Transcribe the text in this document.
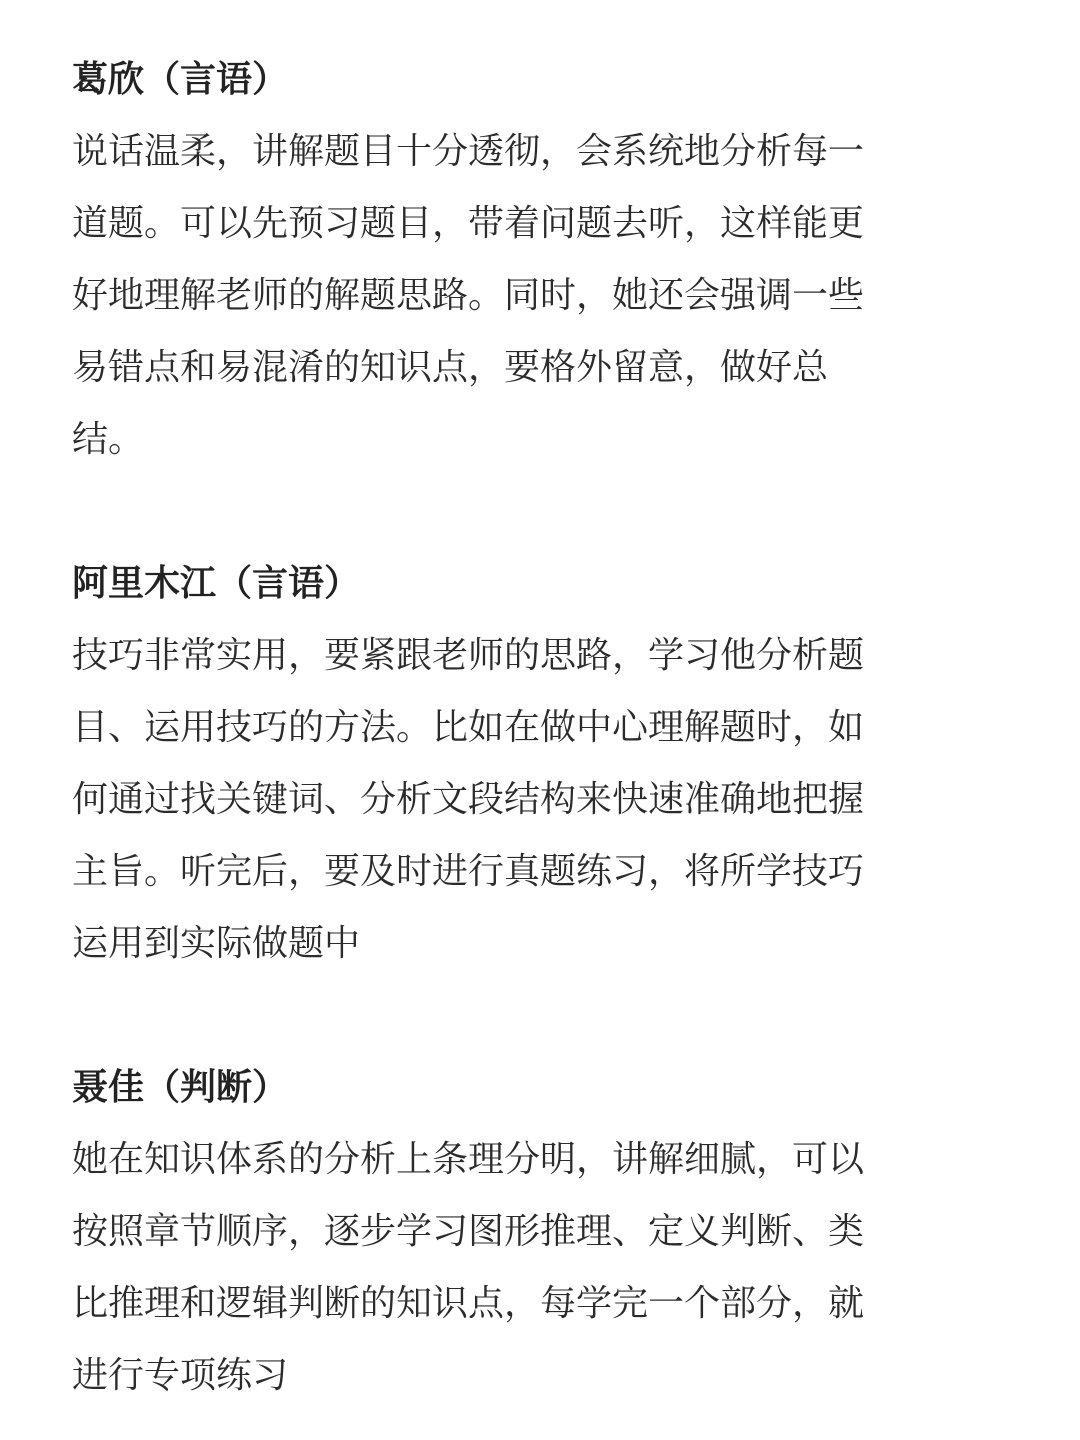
葛欣（言语）
说话温柔，讲解题目十分透彻，会系统地分析每一
道题。可以先预习题目，带着问题去听，这样能更
好地理解老师的解题思路。同时，她还会强调一些
易错点和易混淆的知识点，要格外留意，做好总
结。
阿里木江（言语）
技巧非常实用，要紧跟老师的思路，学习他分析题
目、运用技巧的方法。比如在做中心理解题时，如
何通过找关键词、分析文段结构来快速准确地把握
主旨。听完后，要及时进行真题练习，将所学技巧
运用到实际做题中
聂佳（判断）
她在知识体系的分析上条理分明，讲解细腻，可以
按照章节顺序，逐步学习图形推理、定义判断、类
比推理和逻辑判断的知识点，每学完一个部分，就
进行专项练习
